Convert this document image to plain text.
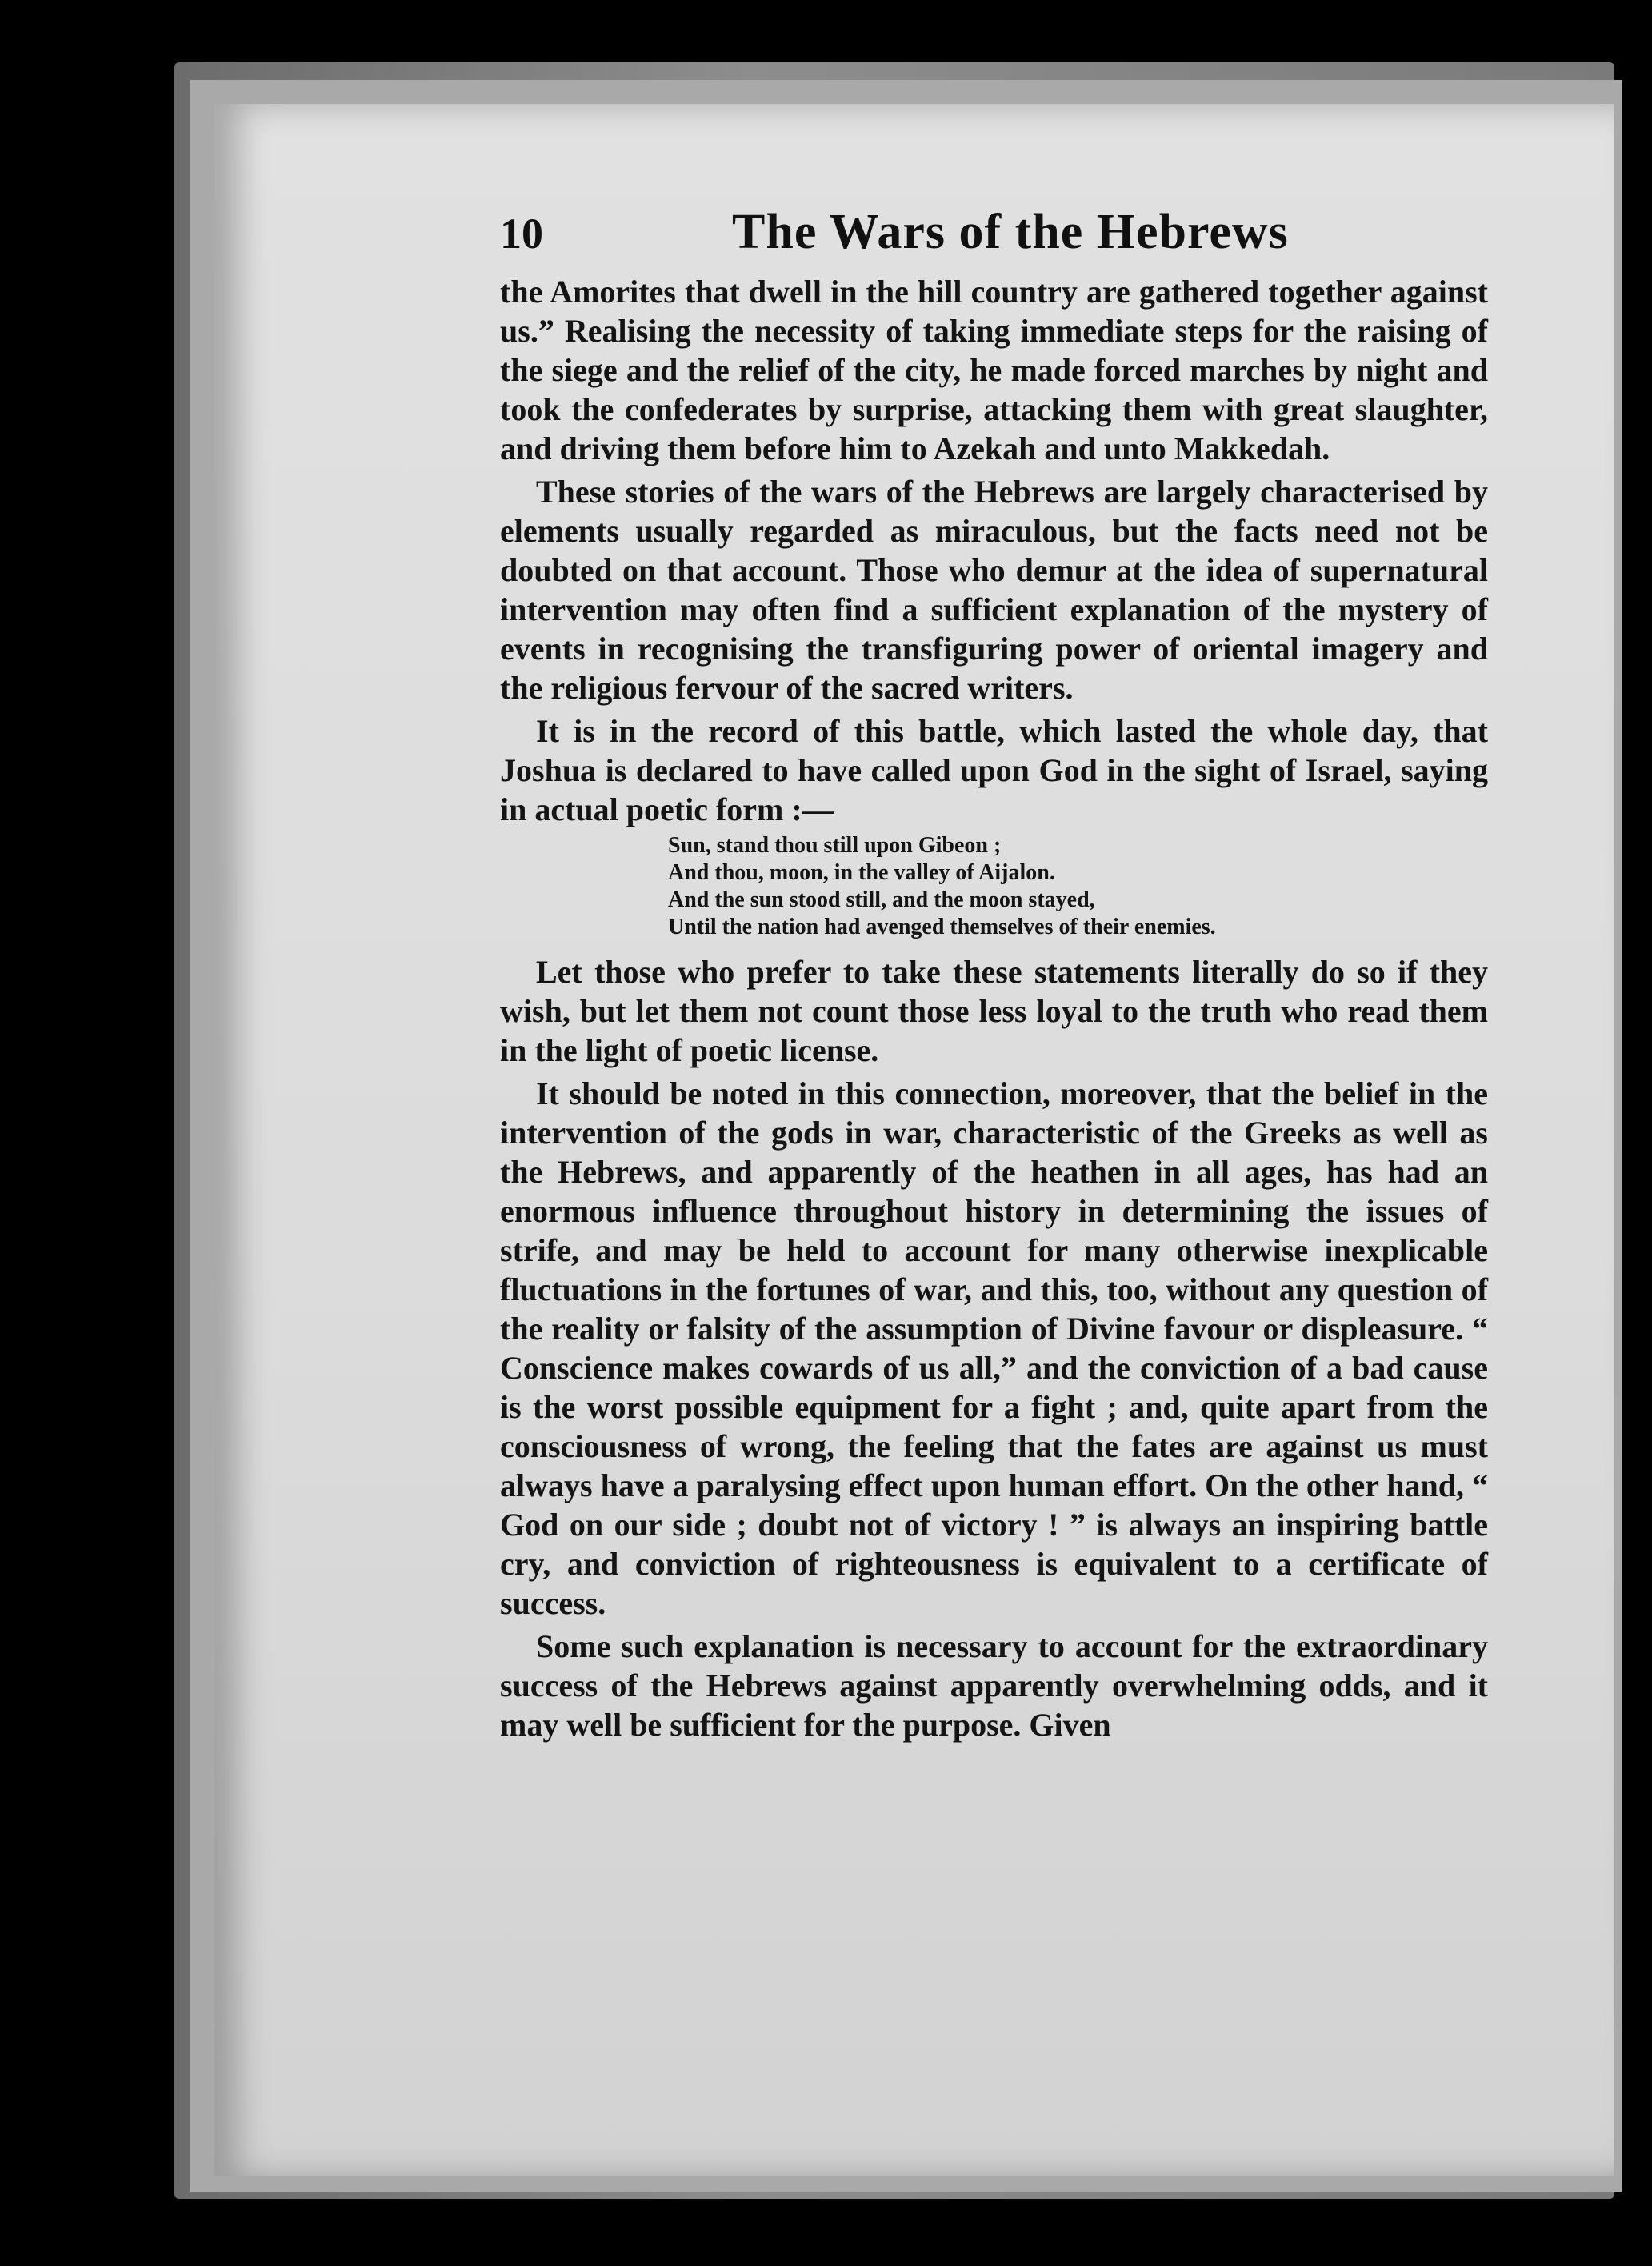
10	The Wars of the Hebrews

the Amorites that dwell in the hill country are gathered together against us.” Realising the necessity of taking immediate steps for the raising of the siege and the relief of the city, he made forced marches by night and took the confederates by surprise, attacking them with great slaughter, and driving them before him to Azekah and unto Makkedah.

These stories of the wars of the Hebrews are largely characterised by elements usually regarded as miraculous, but the facts need not be doubted on that account. Those who demur at the idea of supernatural intervention may often find a sufficient explanation of the mystery of events in recognising the transfiguring power of oriental imagery and the religious fervour of the sacred writers.

It is in the record of this battle, which lasted the whole day, that Joshua is declared to have called upon God in the sight of Israel, saying in actual poetic form :—

Sun, stand thou still upon Gibeon ;
And thou, moon, in the valley of Aijalon.
And the sun stood still, and the moon stayed,
Until the nation had avenged themselves of their enemies.

Let those who prefer to take these statements literally do so if they wish, but let them not count those less loyal to the truth who read them in the light of poetic license.

It should be noted in this connection, moreover, that the belief in the intervention of the gods in war, characteristic of the Greeks as well as the Hebrews, and apparently of the heathen in all ages, has had an enormous influence throughout history in determining the issues of strife, and may be held to account for many otherwise inexplicable fluctuations in the fortunes of war, and this, too, without any question of the reality or falsity of the assumption of Divine favour or displeasure. “ Conscience makes cowards of us all,” and the conviction of a bad cause is the worst possible equipment for a fight ; and, quite apart from the consciousness of wrong, the feeling that the fates are against us must always have a paralysing effect upon human effort. On the other hand, “ God on our side ; doubt not of victory ! ” is always an inspiring battle cry, and conviction of righteousness is equivalent to a certificate of success.

Some such explanation is necessary to account for the extraordinary success of the Hebrews against apparently overwhelming odds, and it may well be sufficient for the purpose. Given
